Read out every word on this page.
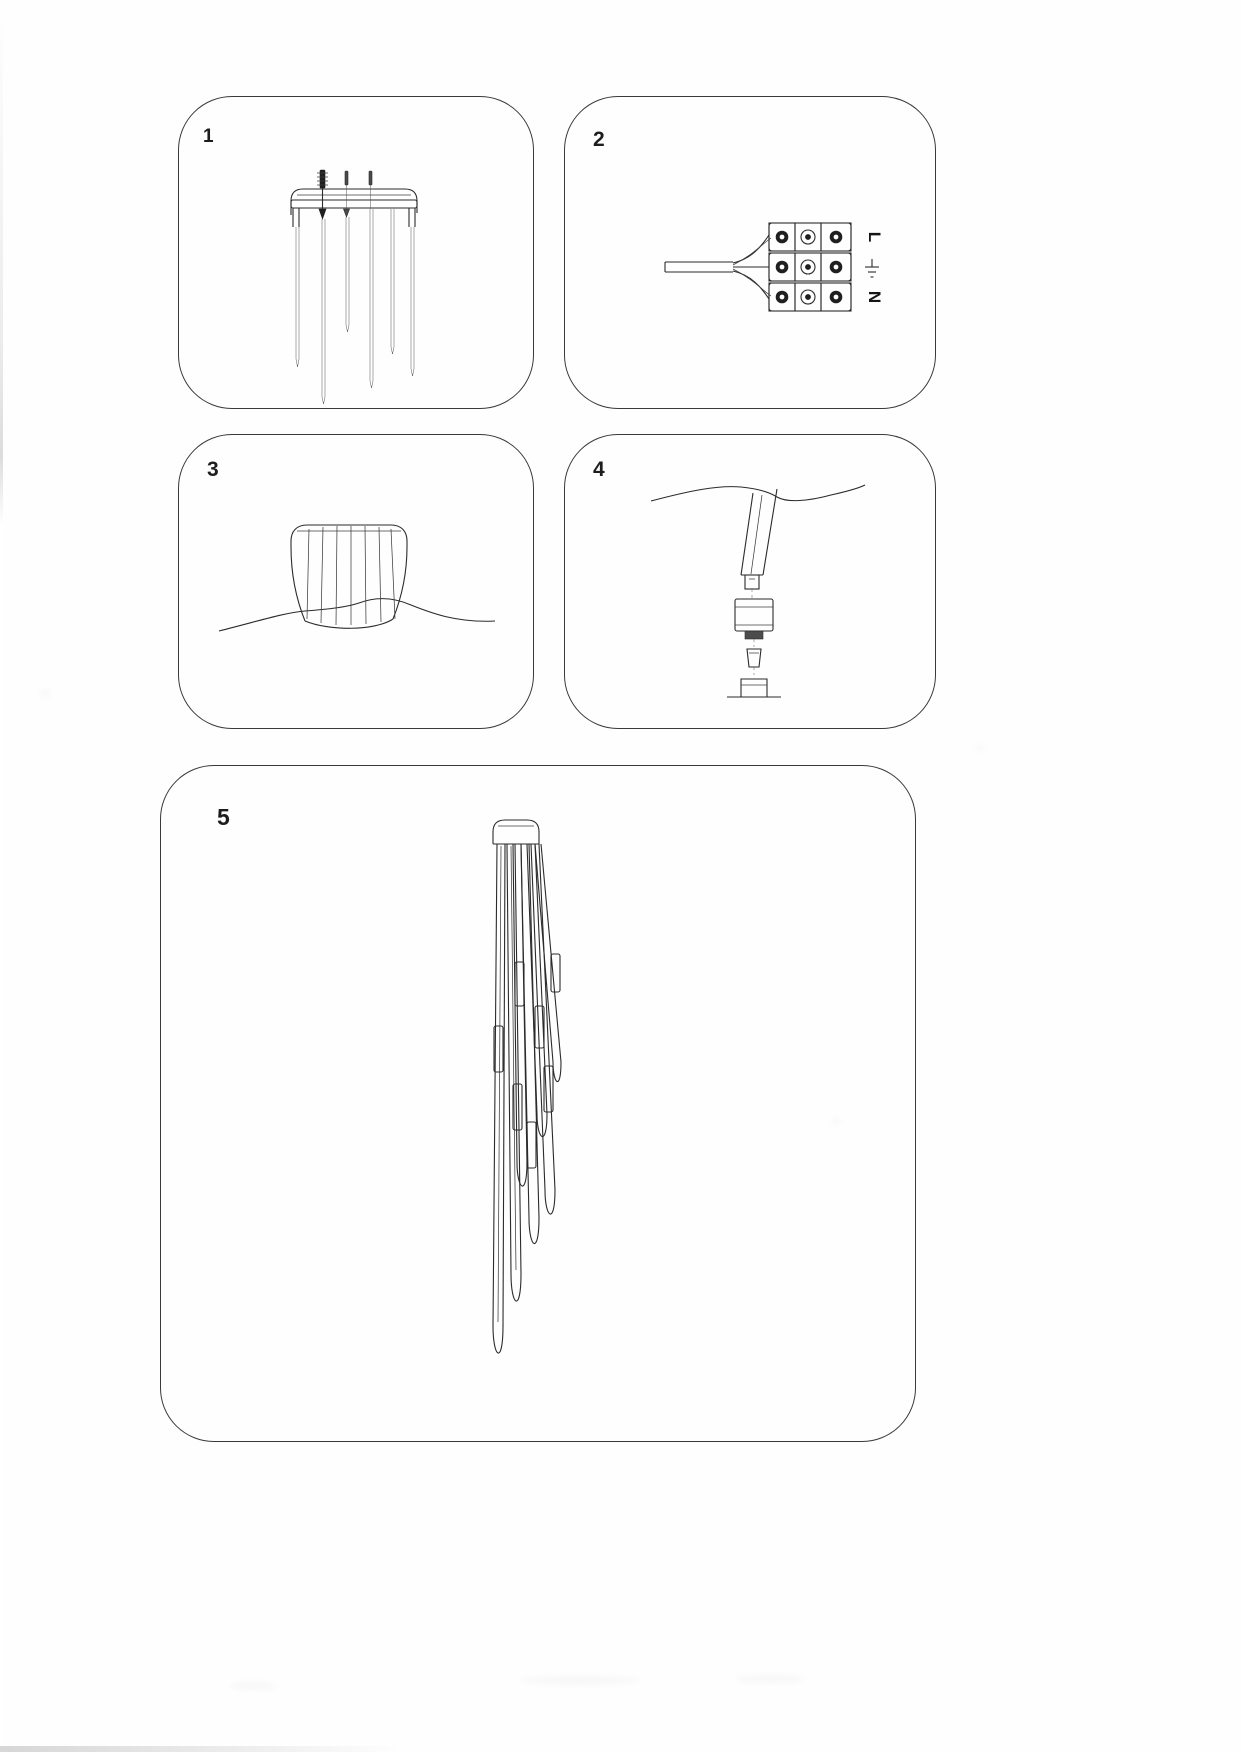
1	2
L
N
3	4
5
